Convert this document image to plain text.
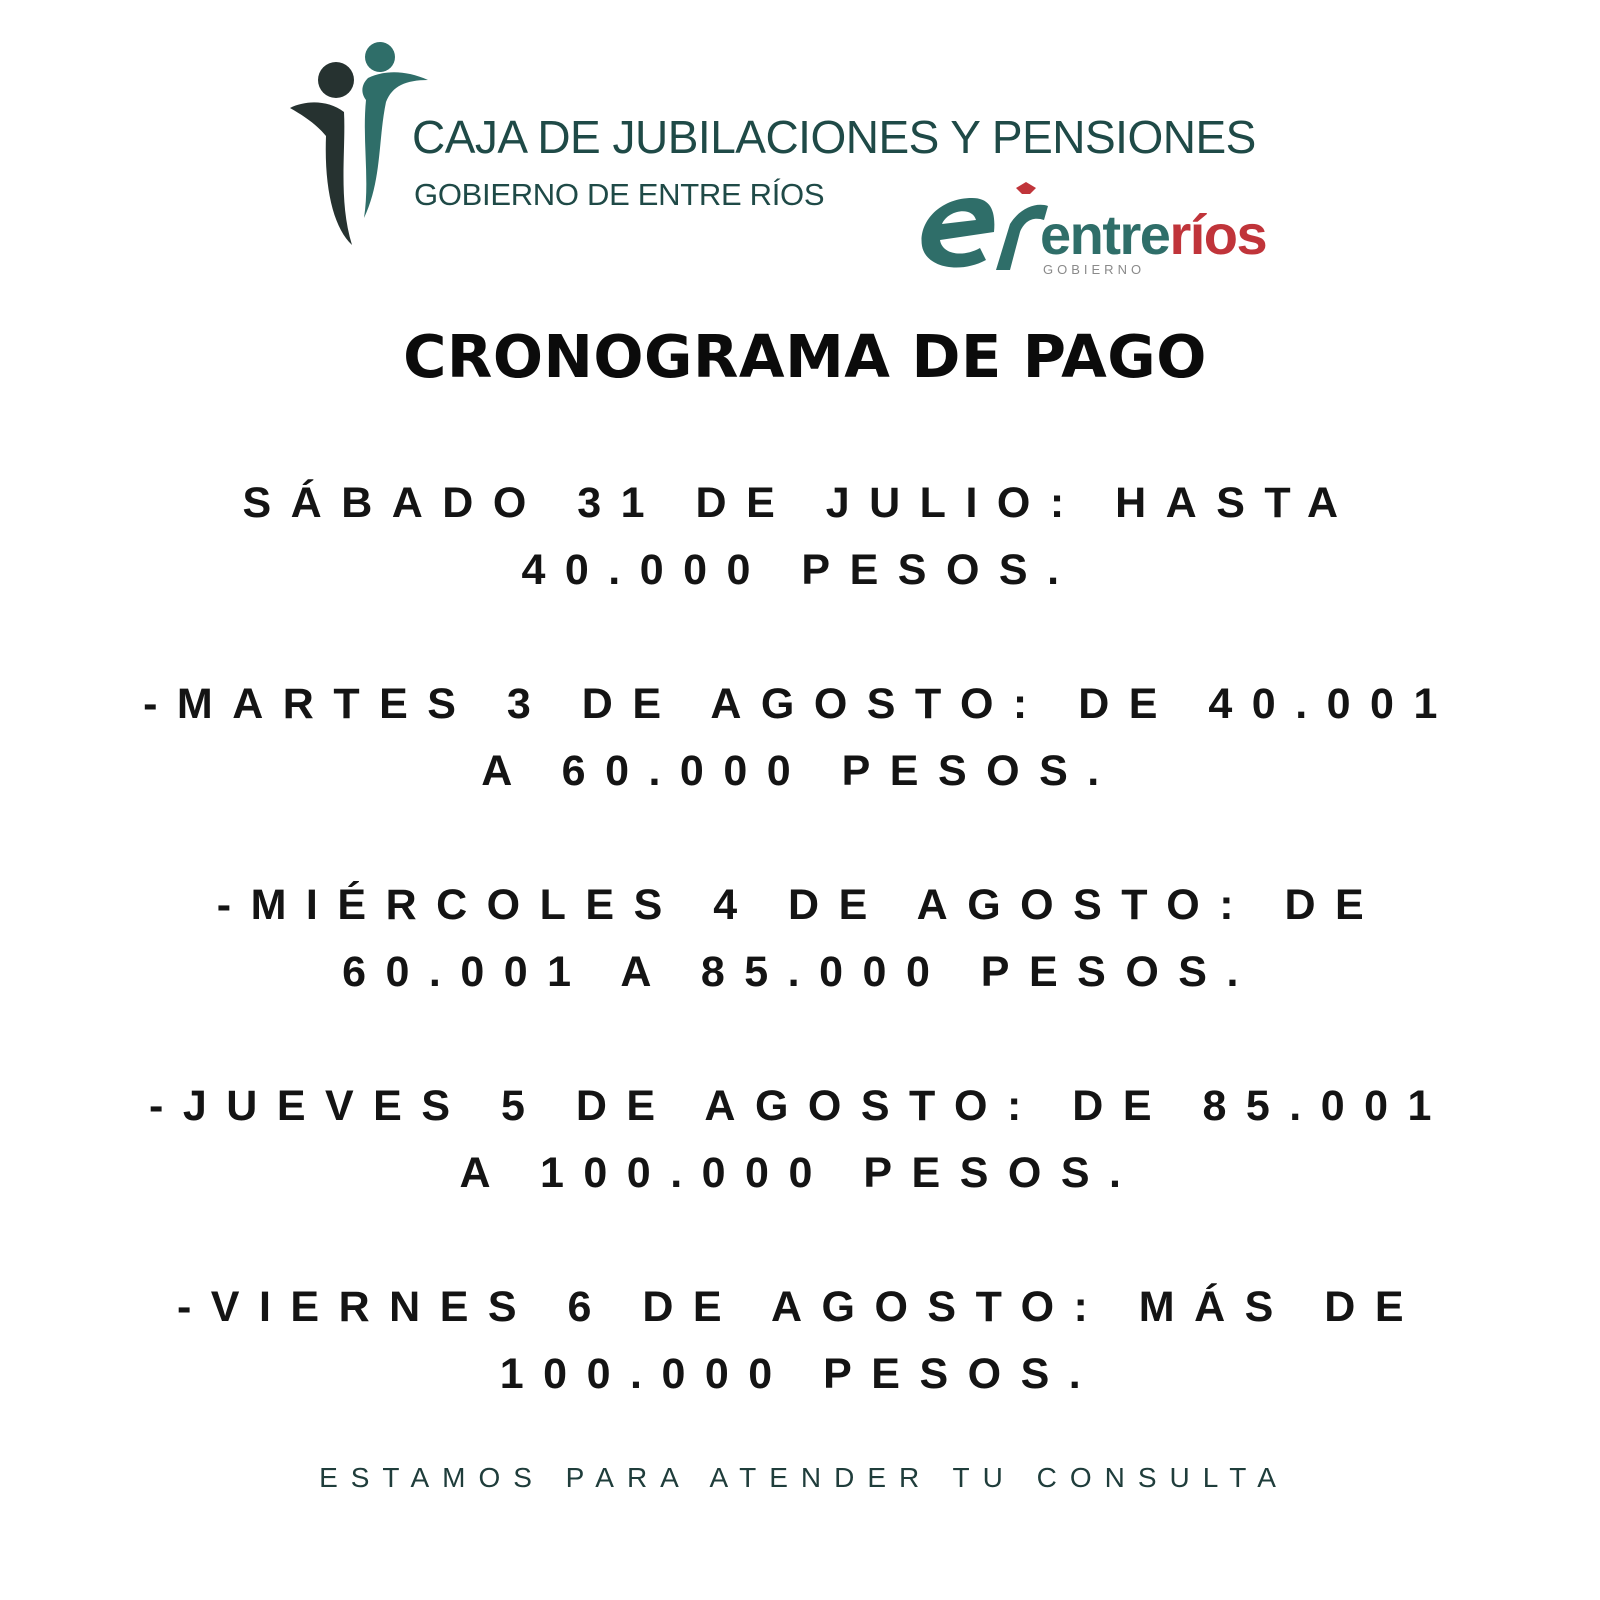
CAJA DE JUBILACIONES Y PENSIONES

GOBIERNO DE ENTRE RÍOS

entreríos

GOBIERNO

CRONOGRAMA DE PAGO
SÁBADO 31 DE JULIO: HASTA 40.000 PESOS.
-MARTES 3 DE AGOSTO: DE 40.001 A 60.000 PESOS.
-MIÉRCOLES 4 DE AGOSTO: DE 60.001 A 85.000 PESOS.
-JUEVES 5 DE AGOSTO: DE 85.001 A 100.000 PESOS.
-VIERNES 6 DE AGOSTO: MÁS DE 100.000 PESOS.

ESTAMOS PARA ATENDER TU CONSULTA
